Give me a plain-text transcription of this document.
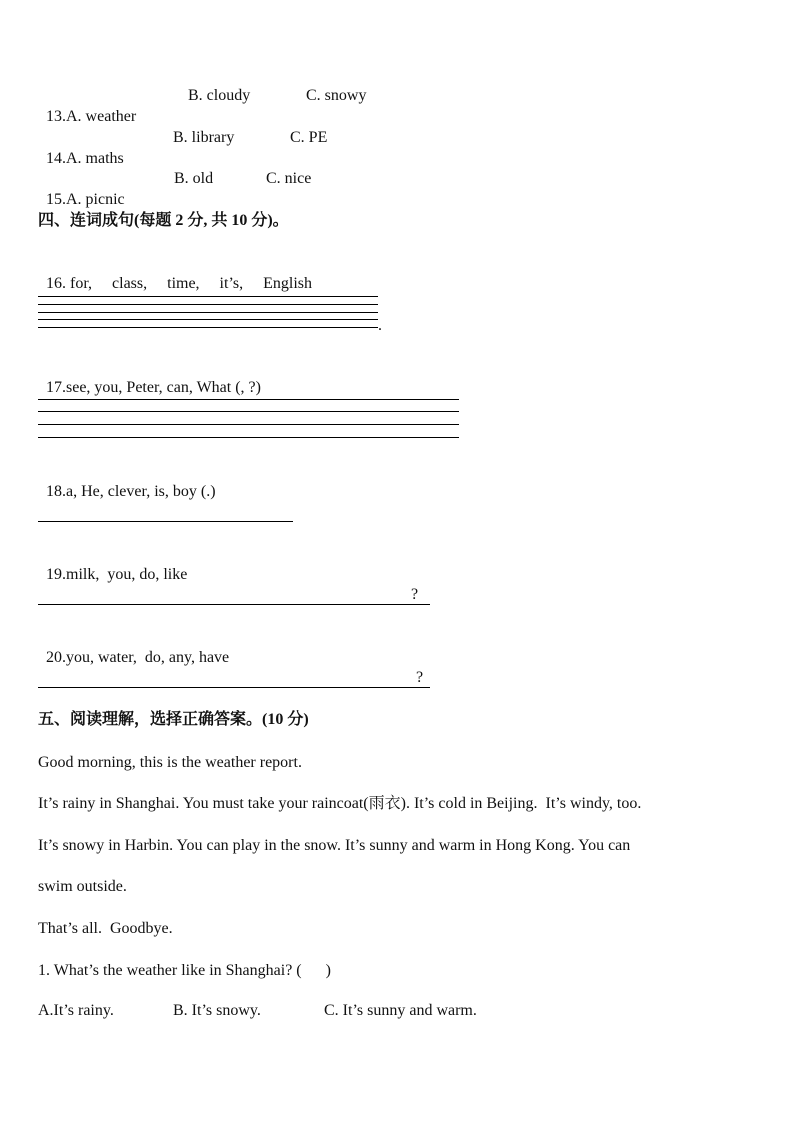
13.A. weather

B. cloudy	C. snowy

14.A. maths

B. library	C. PE

15.A. picnic

B. old	C. nice
四、连词成句(每题 2 分, 共 10 分)。

16. for,     class,     time,     it’s,     English

.

17.see, you, Peter, can, What (, ?)

18.a, He, clever, is, boy (.)

19.milk,  you, do, like

?

20.you, water,  do, any, have

?
五、阅读理解，选择正确答案。(10 分)
Good morning, this is the weather report.
It’s rainy in Shanghai. You must take your raincoat(雨衣). It’s cold in Beijing.  It’s windy, too.
It’s snowy in Harbin. You can play in the snow. It’s sunny and warm in Hong Kong. You can
swim outside.
That’s all.  Goodbye.
1. What’s the weather like in Shanghai? (      )
A.It’s rainy.	B. It’s snowy.	C. It’s sunny and warm.
